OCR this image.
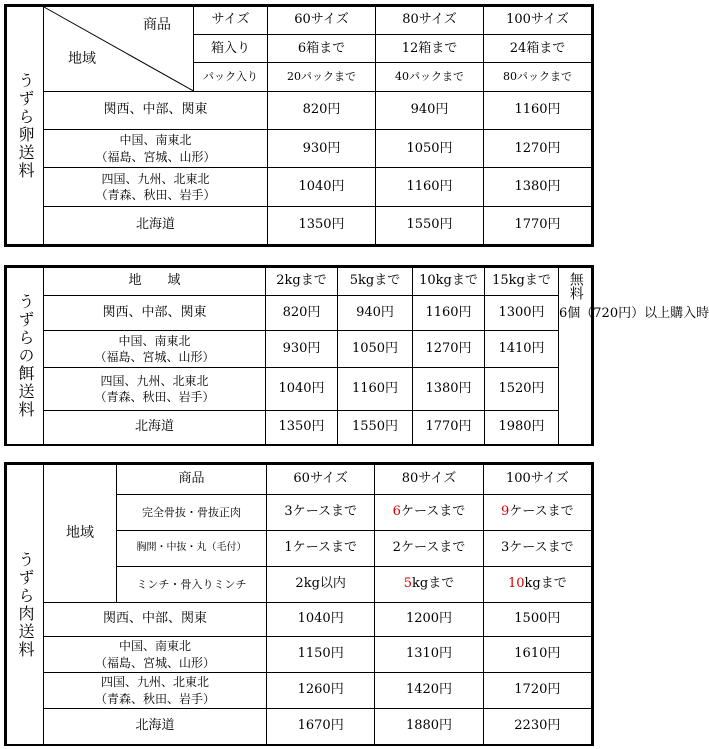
うずら卵送料	商品
地域	サイズ	60サイズ	80サイズ	100サイズ
		箱入り	6箱まで	12箱まで	24箱まで
		パック入り	20パックまで	40パックまで	80パックまで
	関西、中部、関東		820円	940円	1160円

	中国、南東北
（福島、宮城、山形）		930円	1050円	1270円

	四国、九州、北東北
（青森、秋田、岩手）		1040円	1160円	1380円
	北海道		1350円	1550円	1770円
うずらの餌送料	地　　域	2kgまで	5kgまで	10kgまで	15kgまで	無料
6個（720円）以上購入時

	関西、中部、関東	820円	940円	1160円	1300円	

	中国、南東北
（福島、宮城、山形）	930円	1050円	1270円	1410円	

	四国、九州、北東北
（青森、秋田、岩手）	1040円	1160円	1380円	1520円	
	北海道	1350円	1550円	1770円	1980円	
うずら肉送料	地域	商品	60サイズ	80サイズ	100サイズ
		完全骨抜・骨抜正肉	3ケースまで	6ケースまで	9ケースまで
		胸開・中抜・丸（毛付）	1ケースまで	2ケースまで	3ケースまで
		ミンチ・骨入りミンチ	2kg以内	5kgまで	10kgまで
	関西、中部、関東		1040円	1200円	1500円

	中国、南東北
（福島、宮城、山形）		1150円	1310円	1610円

	四国、九州、北東北
（青森、秋田、岩手）		1260円	1420円	1720円
	北海道		1670円	1880円	2230円
